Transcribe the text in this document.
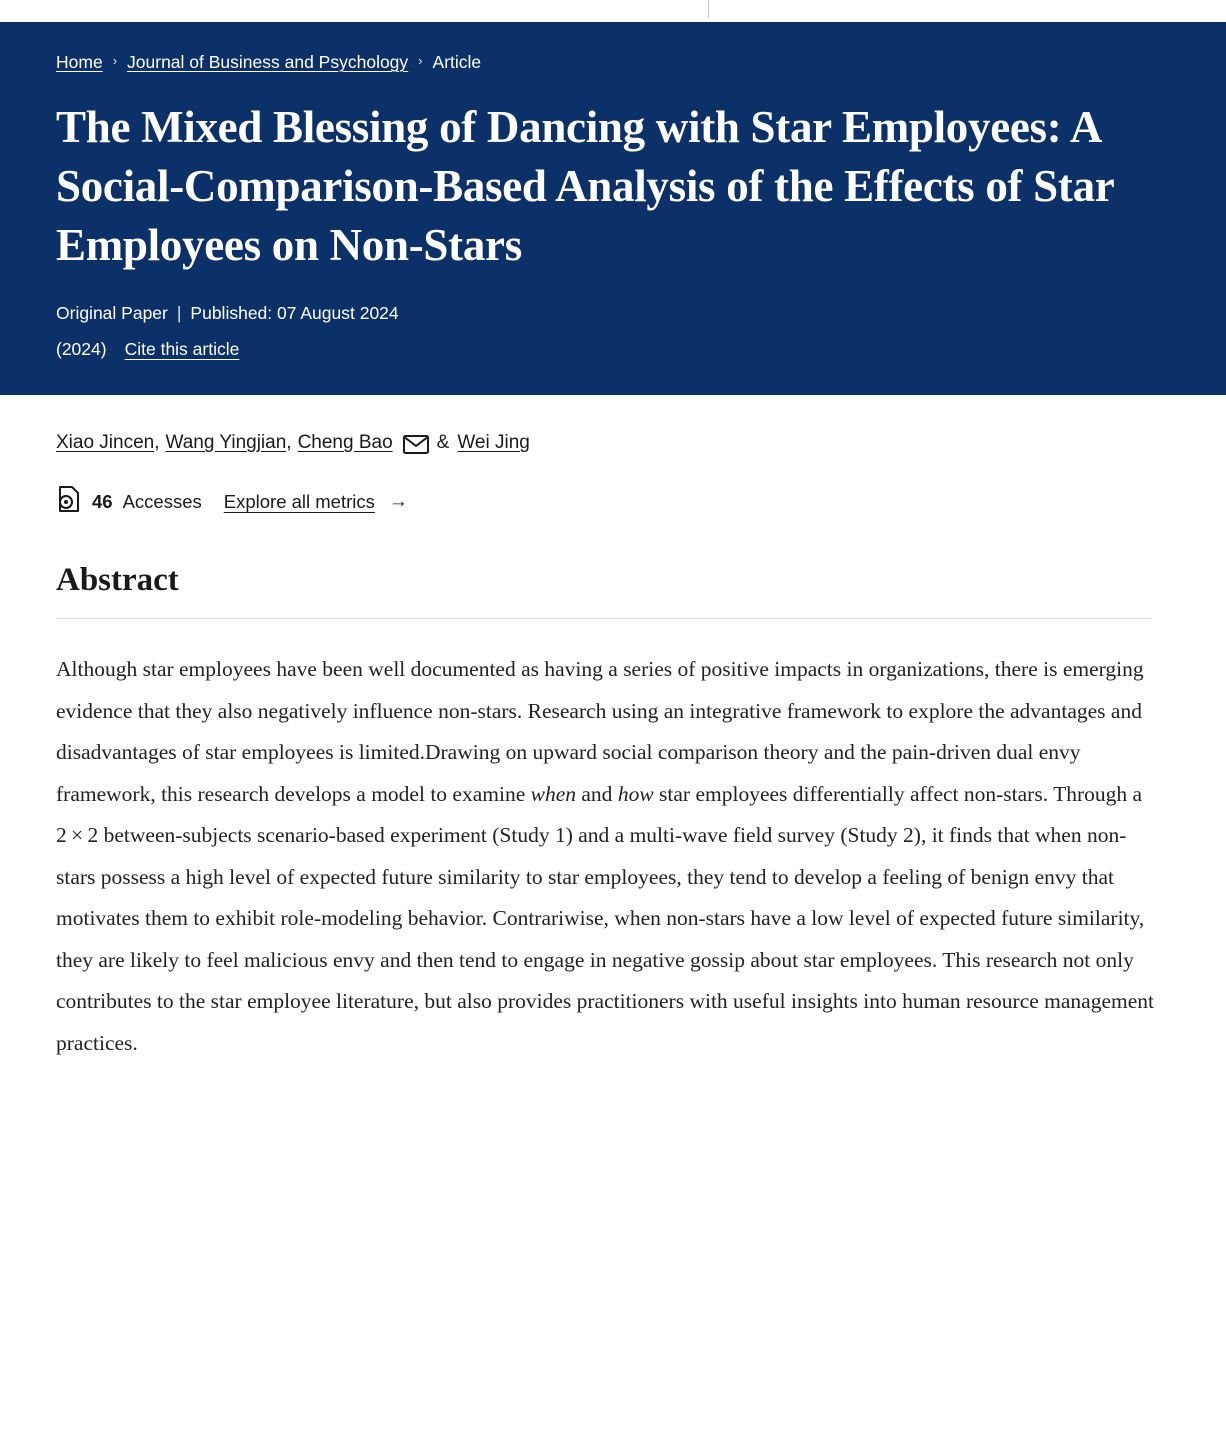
Home › Journal of Business and Psychology › Article
The Mixed Blessing of Dancing with Star Employees: A Social-Comparison-Based Analysis of the Effects of Star Employees on Non-Stars
Original Paper | Published: 07 August 2024
(2024) Cite this article
Xiao Jincen , Wang Yingjian , Cheng Bao & Wei Jing
46 Accesses Explore all metrics →
Abstract

Although star employees have been well documented as having a series of positive impacts in organizations, there is emerging evidence that they also negatively influence non-stars. Research using an integrative framework to explore the advantages and disadvantages of star employees is limited.Drawing on upward social comparison theory and the pain-driven dual envy framework, this research develops a model to examine when and how star employees differentially affect non-stars. Through a 2 × 2 between-subjects scenario-based experiment (Study 1) and a multi-wave field survey (Study 2), it finds that when non-stars possess a high level of expected future similarity to star employees, they tend to develop a feeling of benign envy that motivates them to exhibit role-modeling behavior. Contrariwise, when non-stars have a low level of expected future similarity, they are likely to feel malicious envy and then tend to engage in negative gossip about star employees. This research not only contributes to the star employee literature, but also provides practitioners with useful insights into human resource management practices.
